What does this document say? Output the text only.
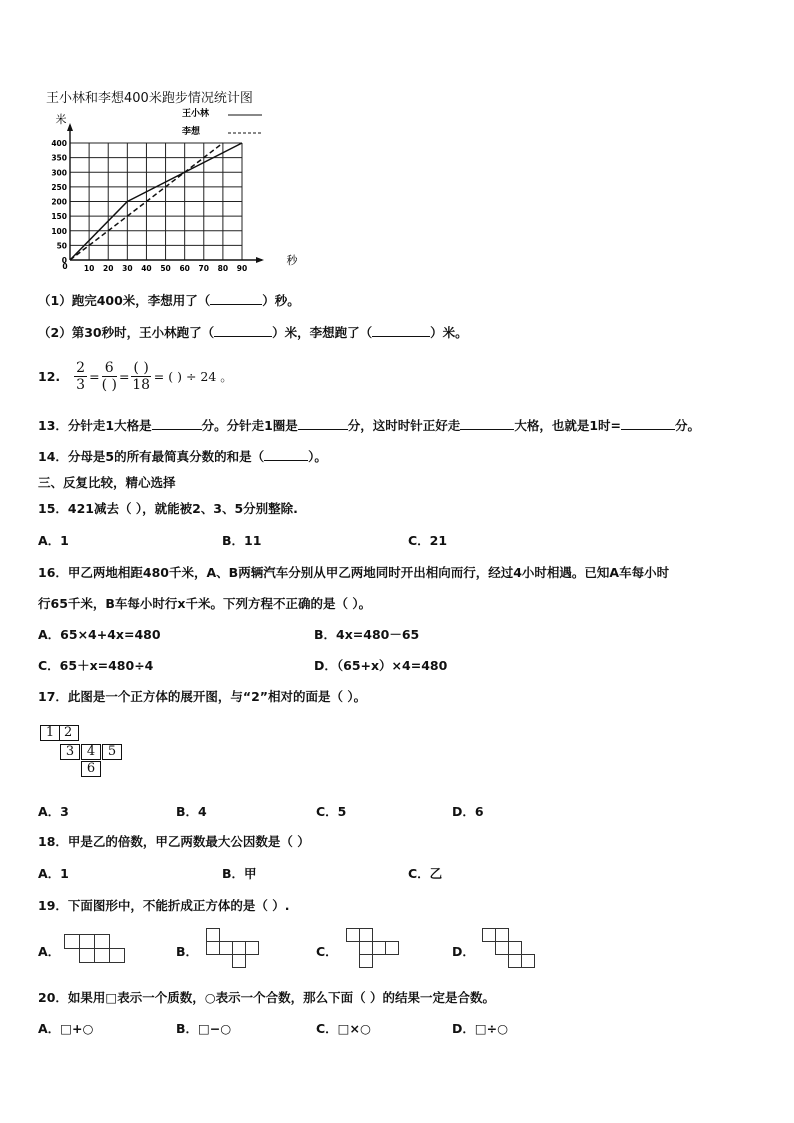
王小林和李想400米跑步情况统计图
米
秒
0
50
100
150
200
250
300
350
400
0 10 20 30 40 50 60 70 80 90
王小林
李想
（1）跑完400米，李想用了（	）秒。
（2）第30秒时，王小林跑了（	）米，李想跑了（	）米。
12. $\frac{2}{3} = \frac{6}{( )} = \frac{( )}{18}$ = ( ) ÷ 24 。
13．分针走1大格是	分。分针走1圈是	分，这时时针正好走	大格，也就是1时=	分。
14．分母是5的所有最简真分数的和是（	）。
三、反复比较，精心选择
15．421减去（ ），就能被2、3、5分别整除.
A．1	B．11	C．21
16．甲乙两地相距480千米，A、B两辆汽车分别从甲乙两地同时开出相向而行，经过4小时相遇。已知A车每小时
行65千米，B车每小时行x千米。下列方程不正确的是（ ）。
A．65×4+4x=480	B．4x=480－65
C．65＋x=480÷4	D．（65+x）×4=480
17．此图是一个正方体的展开图，与“2”相对的面是（ ）。
1 2
3 4 5
6
A．3	B．4	C．5	D．6
18．甲是乙的倍数，甲乙两数最大公因数是（ ）
A．1	B．甲	C．乙
19．下面图形中，不能折成正方体的是（ ）.
A．	B．	C．	D．
20．如果用□表示一个质数，○表示一个合数，那么下面（ ）的结果一定是合数。
A．□+○	B．□−○	C．□×○	D．□÷○
